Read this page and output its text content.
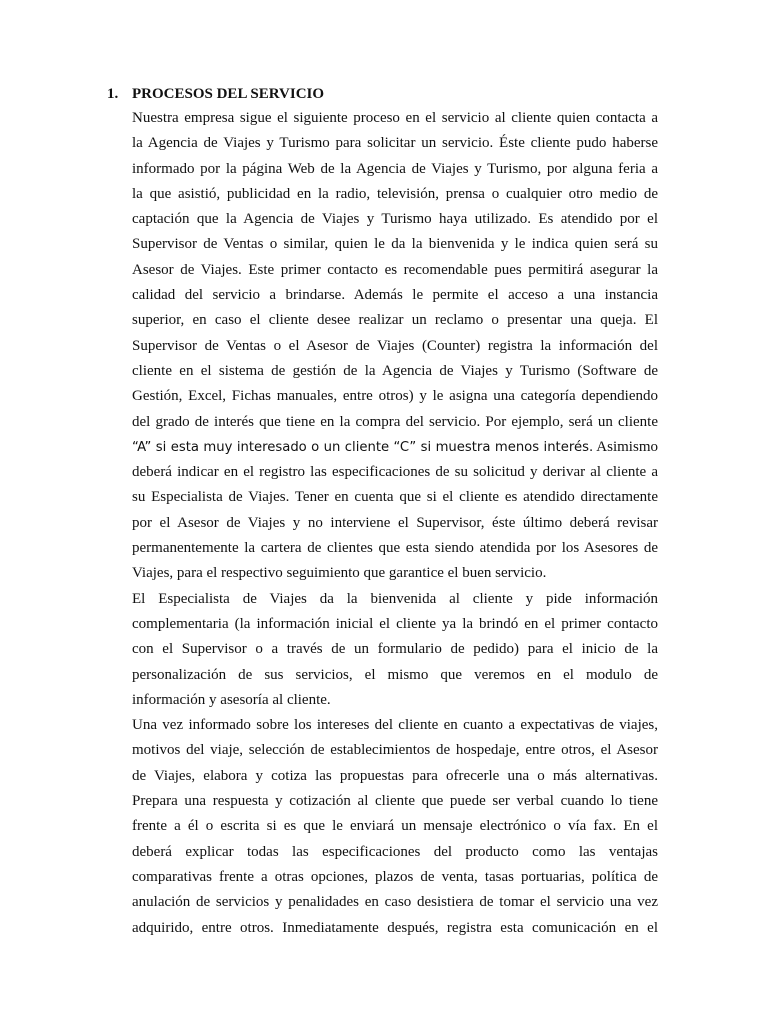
1. PROCESOS DEL SERVICIO
Nuestra empresa sigue el siguiente proceso en el servicio al cliente quien contacta a
la Agencia de Viajes y Turismo para solicitar un servicio. Éste cliente pudo haberse
informado por la página Web de la Agencia de Viajes y Turismo, por alguna feria a
la que asistió, publicidad en la radio, televisión, prensa o cualquier otro medio de
captación que la Agencia de Viajes y Turismo haya utilizado. Es atendido por el
Supervisor de Ventas o similar, quien le da la bienvenida y le indica quien será su
Asesor de Viajes. Este primer contacto es recomendable pues permitirá asegurar la
calidad del servicio a brindarse. Además le permite el acceso a una instancia
superior, en caso el cliente desee realizar un reclamo o presentar una queja. El
Supervisor de Ventas o el Asesor de Viajes (Counter) registra la información del
cliente en el sistema de gestión de la Agencia de Viajes y Turismo (Software de
Gestión, Excel, Fichas manuales, entre otros) y le asigna una categoría dependiendo
del grado de interés que tiene en la compra del servicio. Por ejemplo, será un cliente
“A” si esta muy interesado o un cliente “C” si muestra menos interés. Asimismo
deberá indicar en el registro las especificaciones de su solicitud y derivar al cliente a
su Especialista de Viajes. Tener en cuenta que si el cliente es atendido directamente
por el Asesor de Viajes y no interviene el Supervisor, éste último deberá revisar
permanentemente la cartera de clientes que esta siendo atendida por los Asesores de
Viajes, para el respectivo seguimiento que garantice el buen servicio.
El Especialista de Viajes da la bienvenida al cliente y pide información
complementaria (la información inicial el cliente ya la brindó en el primer contacto
con el Supervisor o a través de un formulario de pedido) para el inicio de la
personalización de sus servicios, el mismo que veremos en el modulo de
información y asesoría al cliente.
Una vez informado sobre los intereses del cliente en cuanto a expectativas de viajes,
motivos del viaje, selección de establecimientos de hospedaje, entre otros, el Asesor
de Viajes, elabora y cotiza las propuestas para ofrecerle una o más alternativas.
Prepara una respuesta y cotización al cliente que puede ser verbal cuando lo tiene
frente a él o escrita si es que le enviará un mensaje electrónico o vía fax. En el
deberá explicar todas las especificaciones del producto como las ventajas
comparativas frente a otras opciones, plazos de venta, tasas portuarias, política de
anulación de servicios y penalidades en caso desistiera de tomar el servicio una vez
adquirido, entre otros. Inmediatamente después, registra esta comunicación en el
